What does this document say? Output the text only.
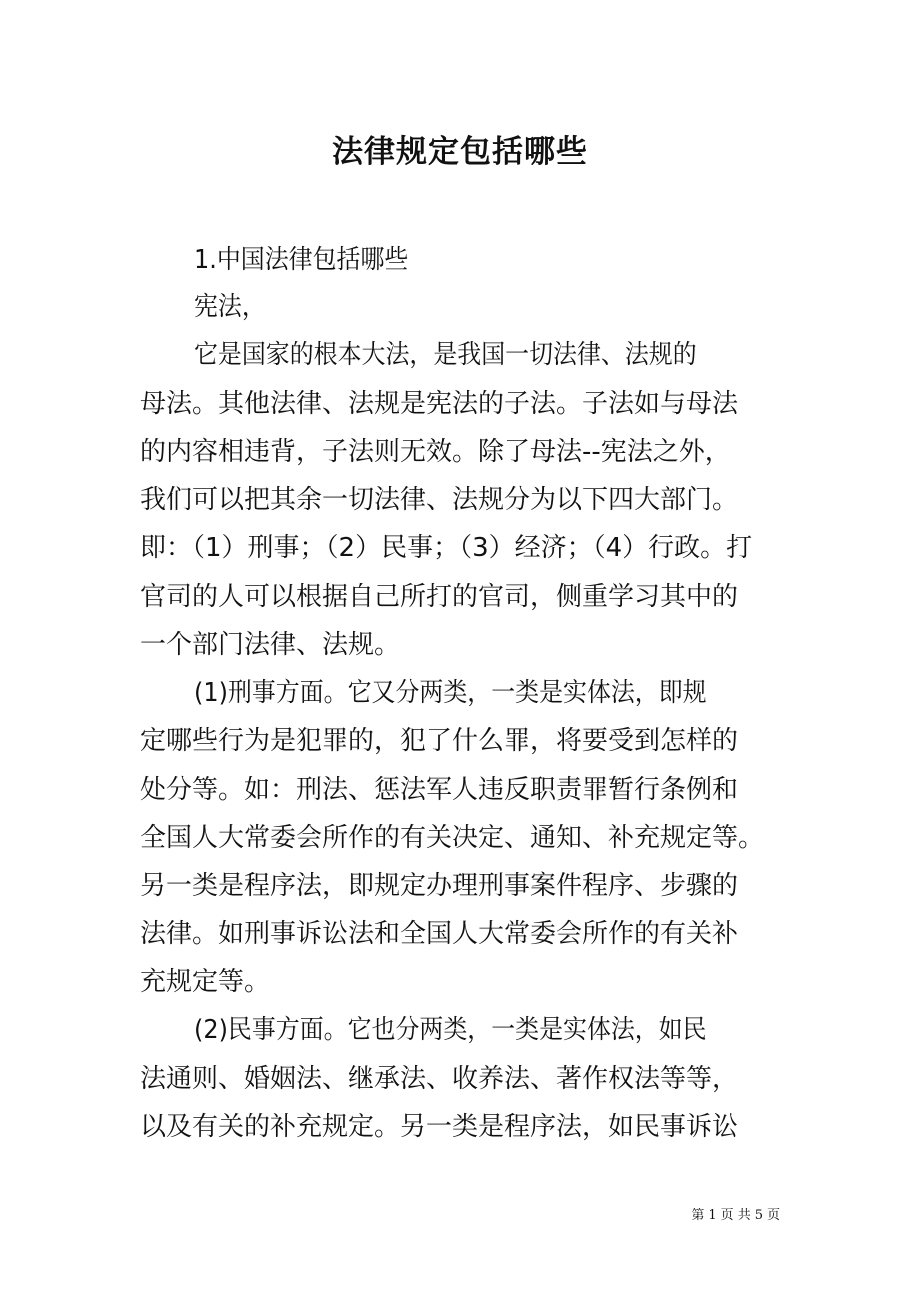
法律规定包括哪些

1.中国法律包括哪些

宪法，

它是国家的根本大法，是我国一切法律、法规的

母法。其他法律、法规是宪法的子法。子法如与母法

的内容相违背，子法则无效。除了母法--宪法之外，

我们可以把其余一切法律、法规分为以下四大部门。

即：（1）刑事；（2）民事；（3）经济；（4）行政。打

官司的人可以根据自己所打的官司，侧重学习其中的

一个部门法律、法规。

(1)刑事方面。它又分两类，一类是实体法，即规

定哪些行为是犯罪的，犯了什么罪，将要受到怎样的

处分等。如：刑法、惩法军人违反职责罪暂行条例和

全国人大常委会所作的有关决定、通知、补充规定等。

另一类是程序法，即规定办理刑事案件程序、步骤的

法律。如刑事诉讼法和全国人大常委会所作的有关补

充规定等。

(2)民事方面。它也分两类，一类是实体法，如民

法通则、婚姻法、继承法、收养法、著作权法等等，

以及有关的补充规定。另一类是程序法，如民事诉讼

第 1 页 共 5 页
